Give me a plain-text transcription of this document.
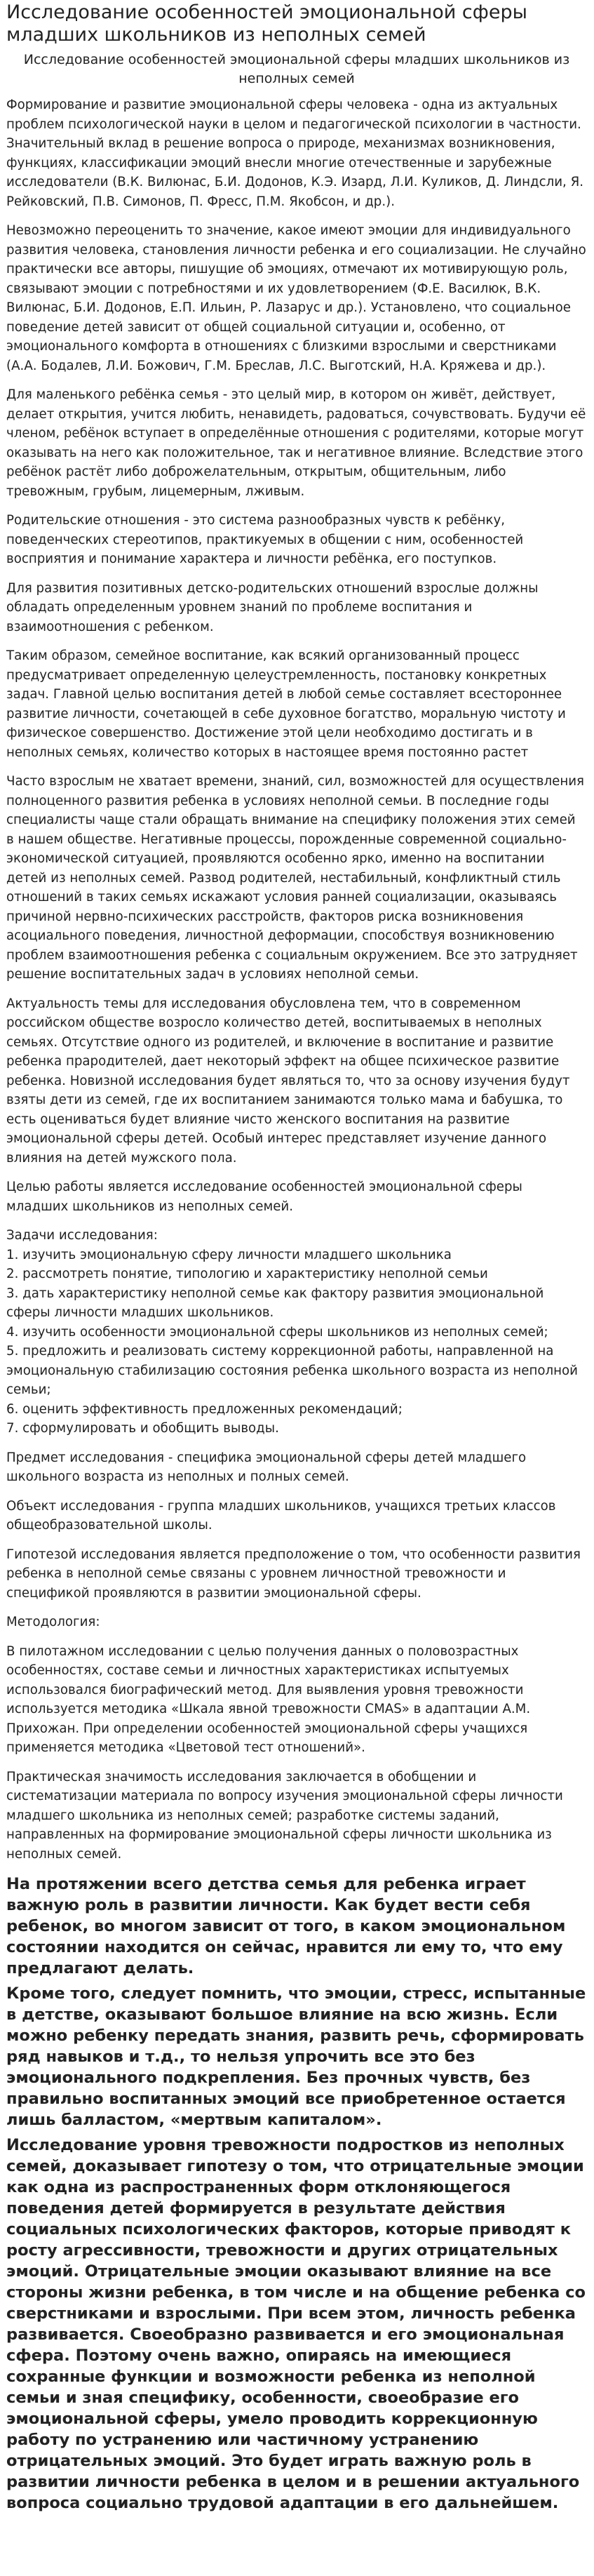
Исследование особенностей эмоциональной сферы младших школьников из неполных семей
Исследование особенностей эмоциональной сферы младших школьников из неполных семей

Формирование и развитие эмоциональной сферы человека - одна из актуальных проблем психологической науки в целом и педагогической психологии в частности. Значительный вклад в решение вопроса о природе, механизмах возникновения, функциях, классификации эмоций внесли многие отечественные и зарубежные исследователи (В.К. Вилюнас, Б.И. Додонов, К.Э. Изард, Л.И. Куликов, Д. Линдсли, Я. Рейковский, П.В. Симонов, П. Фресс, П.М. Якобсон, и др.).

Невозможно переоценить то значение, какое имеют эмоции для индивидуального развития человека, становления личности ребенка и его социализации. Не случайно практически все авторы, пишущие об эмоциях, отмечают их мотивирующую роль, связывают эмоции с потребностями и их удовлетворением (Ф.Е. Василюк, В.К. Вилюнас, Б.И. Додонов, Е.П. Ильин, Р. Лазарус и др.). Установлено, что социальное поведение детей зависит от общей социальной ситуации и, особенно, от эмоционального комфорта в отношениях с близкими взрослыми и сверстниками (А.А. Бодалев, Л.И. Божович, Г.М. Бреслав, Л.С. Выготский, Н.А. Кряжева и др.).

Для маленького ребёнка семья - это целый мир, в котором он живёт, действует, делает открытия, учится любить, ненавидеть, радоваться, сочувствовать. Будучи её членом, ребёнок вступает в определённые отношения с родителями, которые могут оказывать на него как положительное, так и негативное влияние. Вследствие этого ребёнок растёт либо доброжелательным, открытым, общительным, либо тревожным, грубым, лицемерным, лживым.

Родительские отношения - это система разнообразных чувств к ребёнку, поведенческих стереотипов, практикуемых в общении с ним, особенностей восприятия и понимание характера и личности ребёнка, его поступков.

Для развития позитивных детско-родительских отношений взрослые должны обладать определенным уровнем знаний по проблеме воспитания и взаимоотношения с ребенком.

Таким образом, семейное воспитание, как всякий организованный процесс предусматривает определенную целеустремленность, постановку конкретных задач. Главной целью воспитания детей в любой семье составляет всестороннее развитие личности, сочетающей в себе духовное богатство, моральную чистоту и физическое совершенство. Достижение этой цели необходимо достигать и в неполных семьях, количество которых в настоящее время постоянно растет

Часто взрослым не хватает времени, знаний, сил, возможностей для осуществления полноценного развития ребенка в условиях неполной семьи. В последние годы специалисты чаще стали обращать внимание на специфику положения этих семей в нашем обществе. Негативные процессы, порожденные современной социально-экономической ситуацией, проявляются особенно ярко, именно на воспитании детей из неполных семей. Развод родителей, нестабильный, конфликтный стиль отношений в таких семьях искажают условия ранней социализации, оказываясь причиной нервно-психических расстройств, факторов риска возникновения асоциального поведения, личностной деформации, способствуя возникновению проблем взаимоотношения ребенка с социальным окружением. Все это затрудняет решение воспитательных задач в условиях неполной семьи.

Актуальность темы для исследования обусловлена тем, что в современном российском обществе возросло количество детей, воспитываемых в неполных семьях. Отсутствие одного из родителей, и включение в воспитание и развитие ребенка прародителей, дает некоторый эффект на общее психическое развитие ребенка. Новизной исследования будет являться то, что за основу изучения будут взяты дети из семей, где их воспитанием занимаются только мама и бабушка, то есть оцениваться будет влияние чисто женского воспитания на развитие эмоциональной сферы детей. Особый интерес представляет изучение данного влияния на детей мужского пола.

Целью работы является исследование особенностей эмоциональной сферы младших школьников из неполных семей.

Задачи исследования:
1. изучить эмоциональную сферу личности младшего школьника
2. рассмотреть понятие, типологию и характеристику неполной семьи
3. дать характеристику неполной семье как фактору развития эмоциональной сферы личности младших школьников.
4. изучить особенности эмоциональной сферы школьников из неполных семей;
5. предложить и реализовать систему коррекционной работы, направленной на эмоциональную стабилизацию состояния ребенка школьного возраста из неполной семьи;
6. оценить эффективность предложенных рекомендаций;
7. сформулировать и обобщить выводы.

Предмет исследования - специфика эмоциональной сферы детей младшего школьного возраста из неполных и полных семей.

Объект исследования - группа младших школьников, учащихся третьих классов общеобразовательной школы.

Гипотезой исследования является предположение о том, что особенности развития ребенка в неполной семье связаны с уровнем личностной тревожности и спецификой проявляются в развитии эмоциональной сферы.

Методология:

В пилотажном исследовании с целью получения данных о половозрастных особенностях, составе семьи и личностных характеристиках испытуемых использовался биографический метод. Для выявления уровня тревожности используется методика «Шкала явной тревожности CMAS» в адаптации А.М. Прихожан. При определении особенностей эмоциональной сферы учащихся применяется методика «Цветовой тест отношений».

Практическая значимость исследования заключается в обобщении и систематизации материала по вопросу изучения эмоциональной сферы личности младшего школьника из неполных семей; разработке системы заданий, направленных на формирование эмоциональной сферы личности школьника из неполных семей.

На протяжении всего детства семья для ребенка играет важную роль в развитии личности. Как будет вести себя ребенок, во многом зависит от того, в каком эмоциональном состоянии находится он сейчас, нравится ли ему то, что ему предлагают делать.

Кроме того, следует помнить, что эмоции, стресс, испытанные в детстве, оказывают большое влияние на всю жизнь. Если можно ребенку передать знания, развить речь, сформировать ряд навыков и т.д., то нельзя упрочить все это без эмоционального подкрепления. Без прочных чувств, без правильно воспитанных эмоций все приобретенное остается лишь балластом, «мертвым капиталом».

Исследование уровня тревожности подростков из неполных семей, доказывает гипотезу о том, что отрицательные эмоции как одна из распространенных форм отклоняющегося поведения детей формируется в результате действия социальных психологических факторов, которые приводят к росту агрессивности, тревожности и других отрицательных эмоций. Отрицательные эмоции оказывают влияние на все стороны жизни ребенка, в том числе и на общение ребенка со сверстниками и взрослыми. При всем этом, личность ребенка развивается. Своеобразно развивается и его эмоциональная сфера. Поэтому очень важно, опираясь на имеющиеся сохранные функции и возможности ребенка из неполной семьи и зная специфику, особенности, своеобразие его эмоциональной сферы, умело проводить коррекционную работу по устранению или частичному устранению отрицательных эмоций. Это будет играть важную роль в развитии личности ребенка в целом и в решении актуального вопроса социально трудовой адаптации в его дальнейшем.
